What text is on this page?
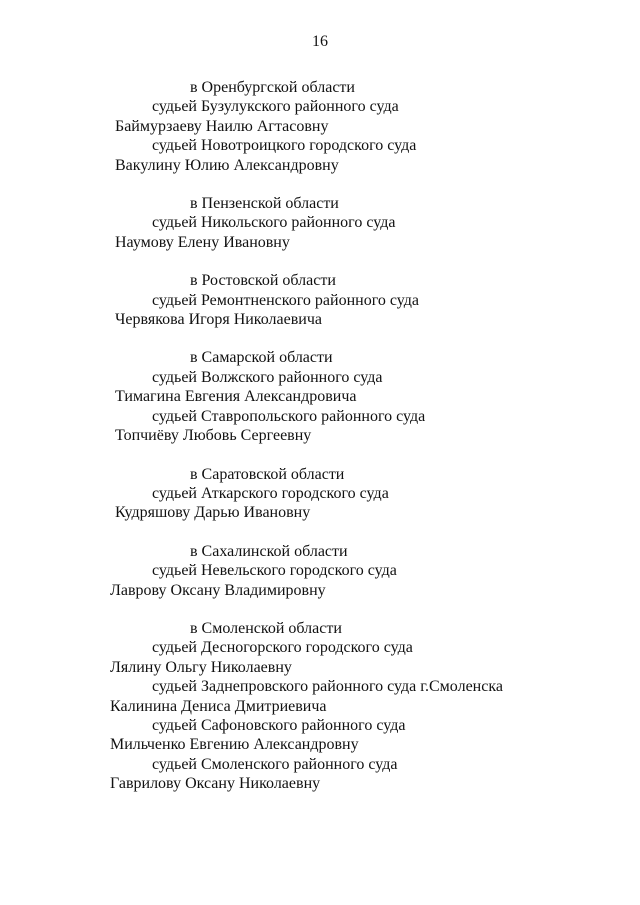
16
в Оренбургской области
судьей Бузулукского районного суда
Баймурзаеву Наилю Агтасовну
судьей Новотроицкого городского суда
Вакулину Юлию Александровну
в Пензенской области
судьей Никольского районного суда
Наумову Елену Ивановну
в Ростовской области
судьей Ремонтненского районного суда
Червякова Игоря Николаевича
в Самарской области
судьей Волжского районного суда
Тимагина Евгения Александровича
судьей Ставропольского районного суда
Топчиёву Любовь Сергеевну
в Саратовской области
судьей Аткарского городского суда
Кудряшову Дарью Ивановну
в Сахалинской области
судьей Невельского городского суда
Лаврову Оксану Владимировну
в Смоленской области
судьей Десногорского городского суда
Лялину Ольгу Николаевну
судьей Заднепровского районного суда г.Смоленска
Калинина Дениса Дмитриевича
судьей Сафоновского районного суда
Мильченко Евгению Александровну
судьей Смоленского районного суда
Гаврилову Оксану Николаевну
